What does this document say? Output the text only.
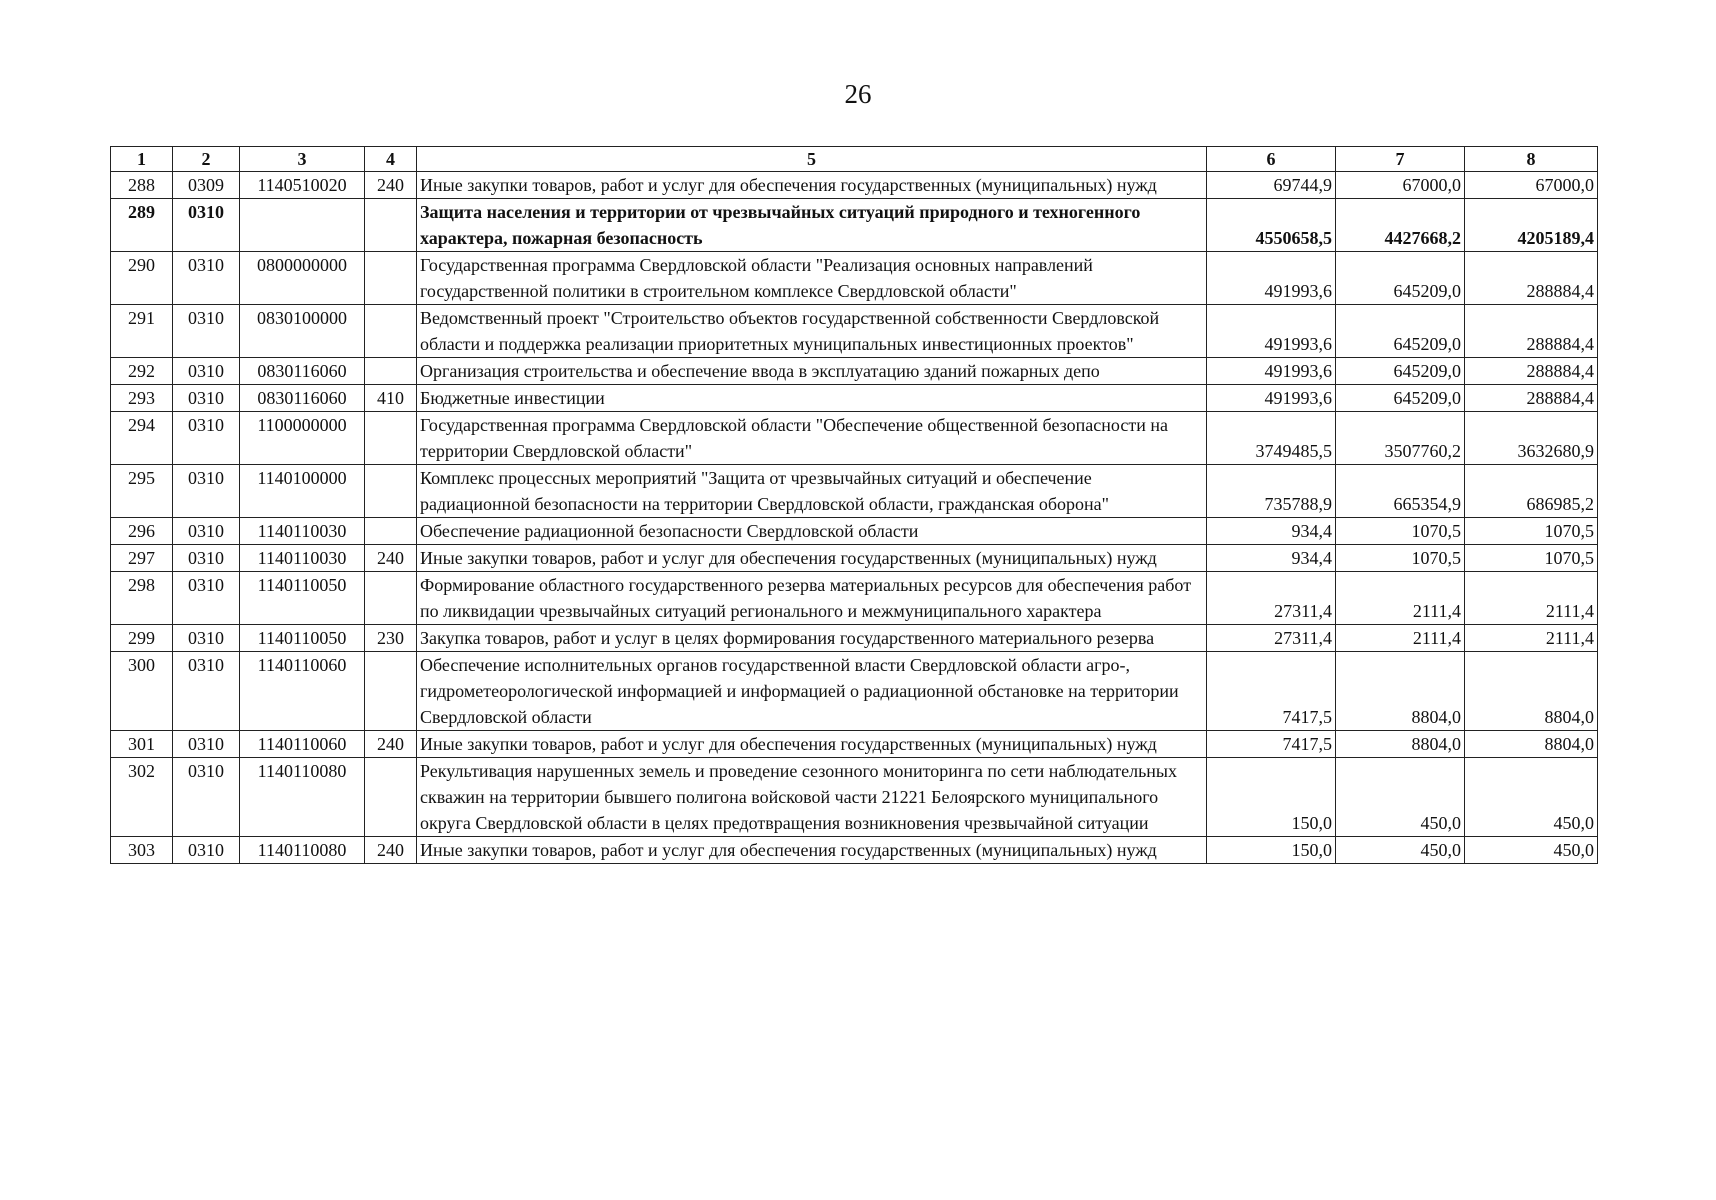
26
1	2	3	4	5	6	7	8
288	0309	1140510020	240	Иные закупки товаров, работ и услуг для обеспечения государственных (муниципальных) нужд	69744,9	67000,0	67000,0
289	0310			Защита населения и территории от чрезвычайных ситуаций природного и техногенного характера, пожарная безопасность	4550658,5	4427668,2	4205189,4
290	0310	0800000000		Государственная программа Свердловской области "Реализация основных направлений государственной политики в строительном комплексе Свердловской области"	491993,6	645209,0	288884,4
291	0310	0830100000		Ведомственный проект "Строительство объектов государственной собственности Свердловской области и поддержка реализации приоритетных муниципальных инвестиционных проектов"	491993,6	645209,0	288884,4
292	0310	0830116060		Организация строительства и обеспечение ввода в эксплуатацию зданий пожарных депо	491993,6	645209,0	288884,4
293	0310	0830116060	410	Бюджетные инвестиции	491993,6	645209,0	288884,4
294	0310	1100000000		Государственная программа Свердловской области "Обеспечение общественной безопасности на территории Свердловской области"	3749485,5	3507760,2	3632680,9
295	0310	1140100000		Комплекс процессных мероприятий "Защита от чрезвычайных ситуаций и обеспечение радиационной безопасности на территории Свердловской области, гражданская оборона"	735788,9	665354,9	686985,2
296	0310	1140110030		Обеспечение радиационной безопасности Свердловской области	934,4	1070,5	1070,5
297	0310	1140110030	240	Иные закупки товаров, работ и услуг для обеспечения государственных (муниципальных) нужд	934,4	1070,5	1070,5
298	0310	1140110050		Формирование областного государственного резерва материальных ресурсов для обеспечения работ по ликвидации чрезвычайных ситуаций регионального и межмуниципального характера	27311,4	2111,4	2111,4
299	0310	1140110050	230	Закупка товаров, работ и услуг в целях формирования государственного материального резерва	27311,4	2111,4	2111,4
300	0310	1140110060		Обеспечение исполнительных органов государственной власти Свердловской области агро-, гидрометеорологической информацией и информацией о радиационной обстановке на территории Свердловской области	7417,5	8804,0	8804,0
301	0310	1140110060	240	Иные закупки товаров, работ и услуг для обеспечения государственных (муниципальных) нужд	7417,5	8804,0	8804,0
302	0310	1140110080		Рекультивация нарушенных земель и проведение сезонного мониторинга по сети наблюдательных скважин на территории бывшего полигона войсковой части 21221 Белоярского муниципального округа Свердловской области в целях предотвращения возникновения чрезвычайной ситуации	150,0	450,0	450,0
303	0310	1140110080	240	Иные закупки товаров, работ и услуг для обеспечения государственных (муниципальных) нужд	150,0	450,0	450,0
